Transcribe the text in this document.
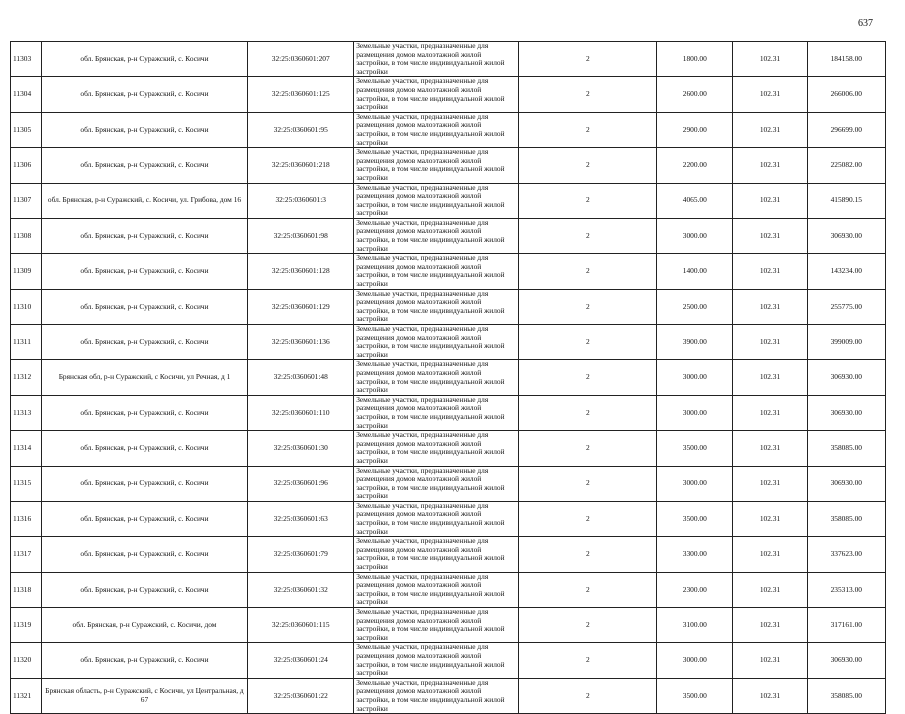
637
11303	обл. Брянская, р-н Суражский, с. Косичи	32:25:0360601:207	Земельные участки, предназначенные для размещения домов малоэтажной жилой застройки, в том числе индивидуальной жилой застройки	2	1800.00	102.31	184158.00
11304	обл. Брянская, р-н Суражский, с. Косичи	32:25:0360601:125	Земельные участки, предназначенные для размещения домов малоэтажной жилой застройки, в том числе индивидуальной жилой застройки	2	2600.00	102.31	266006.00
11305	обл. Брянская, р-н Суражский, с. Косичи	32:25:0360601:95	Земельные участки, предназначенные для размещения домов малоэтажной жилой застройки, в том числе индивидуальной жилой застройки	2	2900.00	102.31	296699.00
11306	обл. Брянская, р-н Суражский, с. Косичи	32:25:0360601:218	Земельные участки, предназначенные для размещения домов малоэтажной жилой застройки, в том числе индивидуальной жилой застройки	2	2200.00	102.31	225082.00
11307	обл. Брянская, р-н Суражский, с. Косичи, ул. Грибова, дом 16	32:25:0360601:3	Земельные участки, предназначенные для размещения домов малоэтажной жилой застройки, в том числе индивидуальной жилой застройки	2	4065.00	102.31	415890.15
11308	обл. Брянская, р-н Суражский, с. Косичи	32:25:0360601:98	Земельные участки, предназначенные для размещения домов малоэтажной жилой застройки, в том числе индивидуальной жилой застройки	2	3000.00	102.31	306930.00
11309	обл. Брянская, р-н Суражский, с. Косичи	32:25:0360601:128	Земельные участки, предназначенные для размещения домов малоэтажной жилой застройки, в том числе индивидуальной жилой застройки	2	1400.00	102.31	143234.00
11310	обл. Брянская, р-н Суражский, с. Косичи	32:25:0360601:129	Земельные участки, предназначенные для размещения домов малоэтажной жилой застройки, в том числе индивидуальной жилой застройки	2	2500.00	102.31	255775.00
11311	обл. Брянская, р-н Суражский, с. Косичи	32:25:0360601:136	Земельные участки, предназначенные для размещения домов малоэтажной жилой застройки, в том числе индивидуальной жилой застройки	2	3900.00	102.31	399009.00
11312	Брянская обл, р-н Суражский, с Косичи, ул Речная, д 1	32:25:0360601:48	Земельные участки, предназначенные для размещения домов малоэтажной жилой застройки, в том числе индивидуальной жилой застройки	2	3000.00	102.31	306930.00
11313	обл. Брянская, р-н Суражский, с. Косичи	32:25:0360601:110	Земельные участки, предназначенные для размещения домов малоэтажной жилой застройки, в том числе индивидуальной жилой застройки	2	3000.00	102.31	306930.00
11314	обл. Брянская, р-н Суражский, с. Косичи	32:25:0360601:30	Земельные участки, предназначенные для размещения домов малоэтажной жилой застройки, в том числе индивидуальной жилой застройки	2	3500.00	102.31	358085.00
11315	обл. Брянская, р-н Суражский, с. Косичи	32:25:0360601:96	Земельные участки, предназначенные для размещения домов малоэтажной жилой застройки, в том числе индивидуальной жилой застройки	2	3000.00	102.31	306930.00
11316	обл. Брянская, р-н Суражский, с. Косичи	32:25:0360601:63	Земельные участки, предназначенные для размещения домов малоэтажной жилой застройки, в том числе индивидуальной жилой застройки	2	3500.00	102.31	358085.00
11317	обл. Брянская, р-н Суражский, с. Косичи	32:25:0360601:79	Земельные участки, предназначенные для размещения домов малоэтажной жилой застройки, в том числе индивидуальной жилой застройки	2	3300.00	102.31	337623.00
11318	обл. Брянская, р-н Суражский, с. Косичи	32:25:0360601:32	Земельные участки, предназначенные для размещения домов малоэтажной жилой застройки, в том числе индивидуальной жилой застройки	2	2300.00	102.31	235313.00
11319	обл. Брянская, р-н Суражский, с. Косичи, дом	32:25:0360601:115	Земельные участки, предназначенные для размещения домов малоэтажной жилой застройки, в том числе индивидуальной жилой застройки	2	3100.00	102.31	317161.00
11320	обл. Брянская, р-н Суражский, с. Косичи	32:25:0360601:24	Земельные участки, предназначенные для размещения домов малоэтажной жилой застройки, в том числе индивидуальной жилой застройки	2	3000.00	102.31	306930.00
11321	Брянская область, р-н Суражский, с Косичи, ул Центральная, д 67	32:25:0360601:22	Земельные участки, предназначенные для размещения домов малоэтажной жилой застройки, в том числе индивидуальной жилой застройки	2	3500.00	102.31	358085.00
